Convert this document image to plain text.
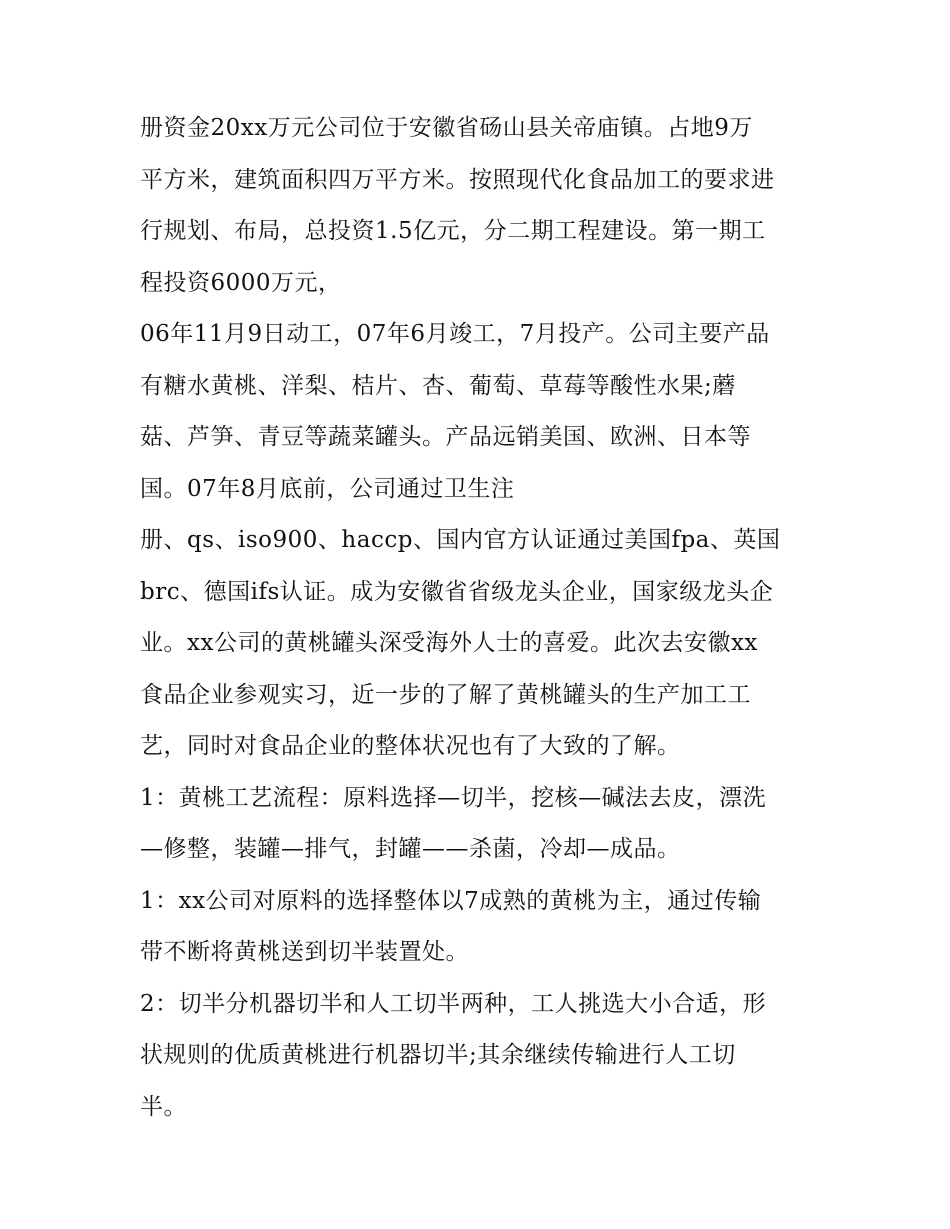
册资金20xx万元公司位于安徽省砀山县关帝庙镇。占地9万
平方米，建筑面积四万平方米。按照现代化食品加工的要求进
行规划、布局，总投资1.5亿元，分二期工程建设。第一期工
程投资6000万元，
06年11月9日动工，07年6月竣工，7月投产。公司主要产品
有糖水黄桃、洋梨、桔片、杏、葡萄、草莓等酸性水果;蘑
菇、芦笋、青豆等蔬菜罐头。产品远销美国、欧洲、日本等
国。07年8月底前，公司通过卫生注
册、qs、iso900、haccp、国内官方认证通过美国fpa、英国
brc、德国ifs认证。成为安徽省省级龙头企业，国家级龙头企
业。xx公司的黄桃罐头深受海外人士的喜爱。此次去安徽xx
食品企业参观实习，近一步的了解了黄桃罐头的生产加工工
艺，同时对食品企业的整体状况也有了大致的了解。
1：黄桃工艺流程：原料选择—切半，挖核—碱法去皮，漂洗
—修整，装罐—排气，封罐——杀菌，冷却—成品。
1：xx公司对原料的选择整体以7成熟的黄桃为主，通过传输
带不断将黄桃送到切半装置处。
2：切半分机器切半和人工切半两种，工人挑选大小合适，形
状规则的优质黄桃进行机器切半;其余继续传输进行人工切
半。
